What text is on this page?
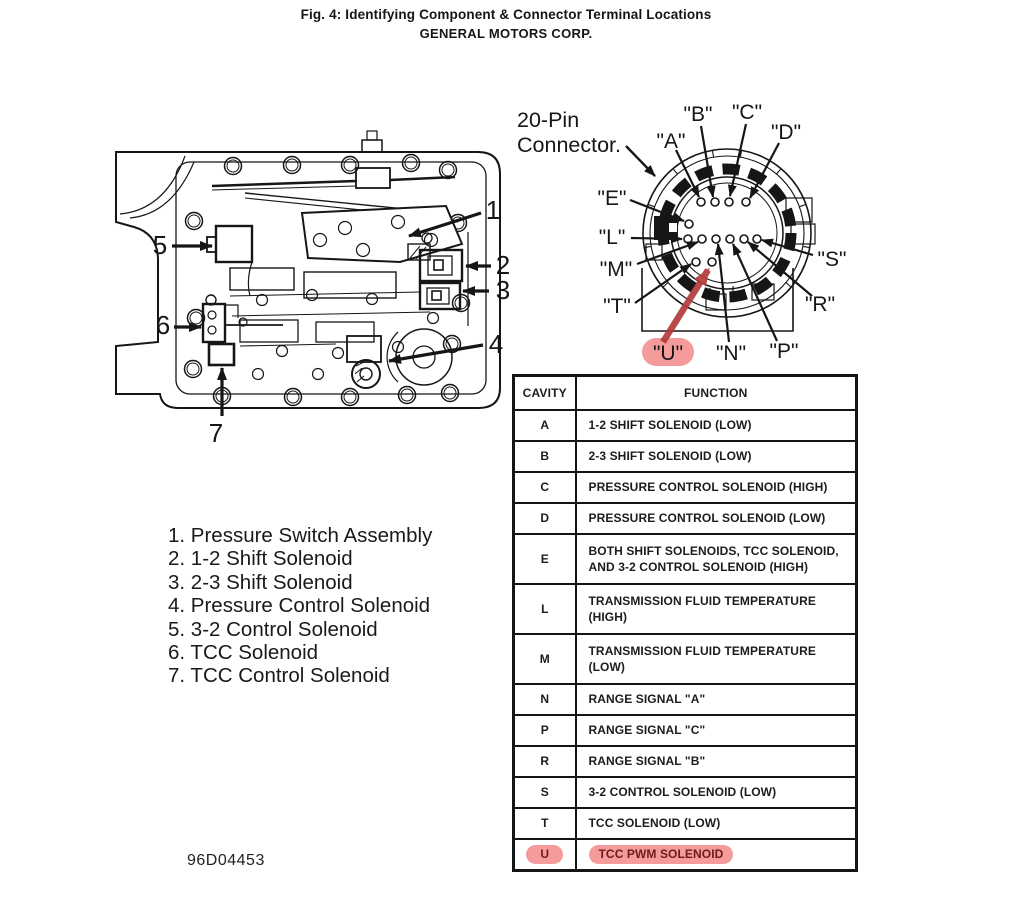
Fig. 4: Identifying Component & Connector Terminal Locations
GENERAL MOTORS CORP.
1
2
3
4
5
6
7
20-Pin
Connector. "A"
"B" "C"
"D"
"E"
"L"
"M"
"T"
"S"
"R"
"P"
"N"
"U"
1. Pressure Switch Assembly
2. 1-2 Shift Solenoid
3. 2-3 Shift Solenoid
4. Pressure Control Solenoid
5. 3-2 Control Solenoid
6. TCC Solenoid
7. TCC Control Solenoid
CAVITY	FUNCTION
A	1-2 SHIFT SOLENOID (LOW)
B	2-3 SHIFT SOLENOID (LOW)
C	PRESSURE CONTROL SOLENOID (HIGH)
D	PRESSURE CONTROL SOLENOID (LOW)
E	BOTH SHIFT SOLENOIDS, TCC SOLENOID, AND 3-2 CONTROL SOLENOID (HIGH)
L	TRANSMISSION FLUID TEMPERATURE (HIGH)
M	TRANSMISSION FLUID TEMPERATURE (LOW)
N	RANGE SIGNAL "A"
P	RANGE SIGNAL "C"
R	RANGE SIGNAL "B"
S	3-2 CONTROL SOLENOID (LOW)
T	TCC SOLENOID (LOW)
U	TCC PWM SOLENOID
96D04453
